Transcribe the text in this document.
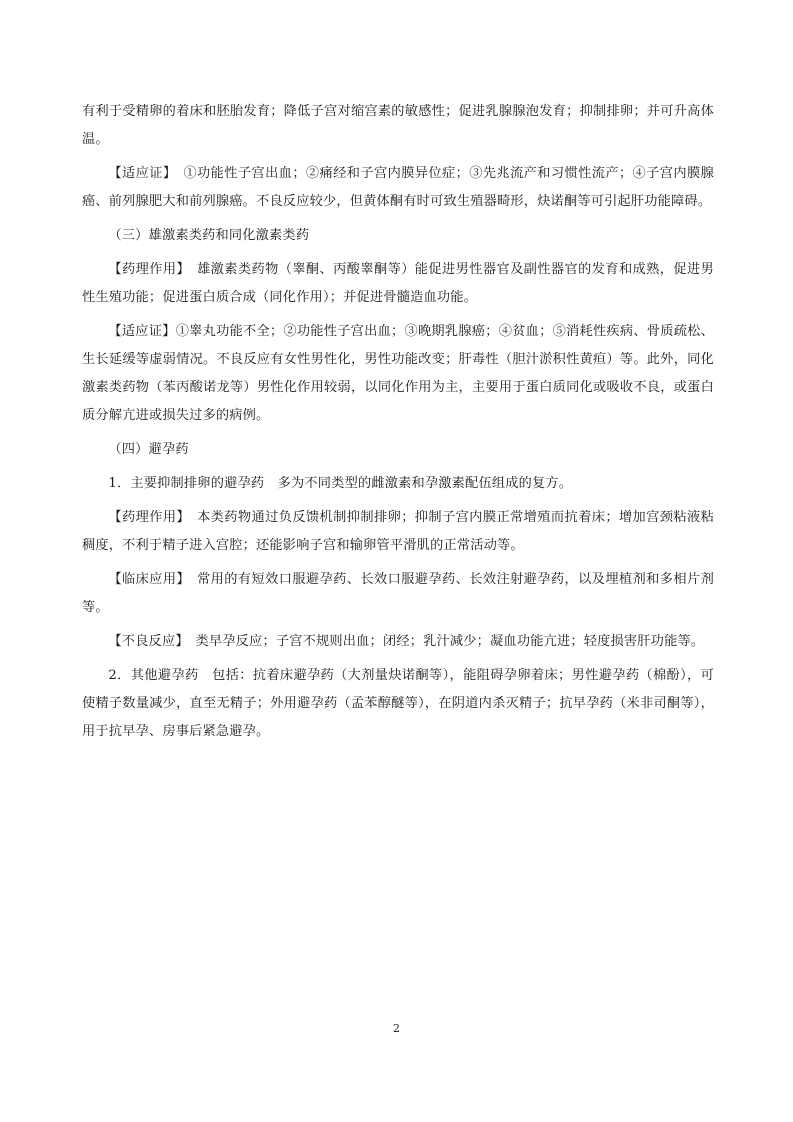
有利于受精卵的着床和胚胎发育；降低子宫对缩宫素的敏感性；促进乳腺腺泡发育；抑制排卵；并可升高体温。

【适应证】　 ①功能性子宫出血；②痛经和子宫内膜异位症；③先兆流产和习惯性流产；④子宫内膜腺癌、前列腺肥大和前列腺癌。不良反应较少，但黄体酮有时可致生殖器畸形，炔诺酮等可引起肝功能障碍。

（三）雄激素类药和同化激素类药

【药理作用】　 雄激素类药物（睾酮、丙酸睾酮等）能促进男性器官及副性器官的发育和成熟，促进男性生殖功能；促进蛋白质合成（同化作用）；并促进骨髓造血功能。

【适应证】①睾丸功能不全；②功能性子宫出血；③晚期乳腺癌；④贫血；⑤消耗性疾病、骨质疏松、生长延缓等虚弱情况。不良反应有女性男性化，男性功能改变；肝毒性（胆汁淤积性黄疸）等。此外，同化激素类药物（苯丙酸诺龙等）男性化作用较弱，以同化作用为主，主要用于蛋白质同化或吸收不良，或蛋白质分解亢进或损失过多的病例。

（四）避孕药

1．主要抑制排卵的避孕药　多为不同类型的雌激素和孕激素配伍组成的复方。

【药理作用】　 本类药物通过负反馈机制抑制排卵；抑制子宫内膜正常增殖而抗着床；增加宫颈粘液粘稠度，不利于精子进入宫腔；还能影响子宫和输卵管平滑肌的正常活动等。

【临床应用】　 常用的有短效口服避孕药、长效口服避孕药、长效注射避孕药，以及埋植剂和多相片剂等。

【不良反应】　 类早孕反应；子宫不规则出血；闭经；乳汁减少；凝血功能亢进；轻度损害肝功能等。

2．其他避孕药　包括：抗着床避孕药（大剂量炔诺酮等），能阻碍孕卵着床；男性避孕药（棉酚），可使精子数量减少，直至无精子；外用避孕药（孟苯醇醚等），在阴道内杀灭精子；抗早孕药（米非司酮等），用于抗早孕、房事后紧急避孕。

2
